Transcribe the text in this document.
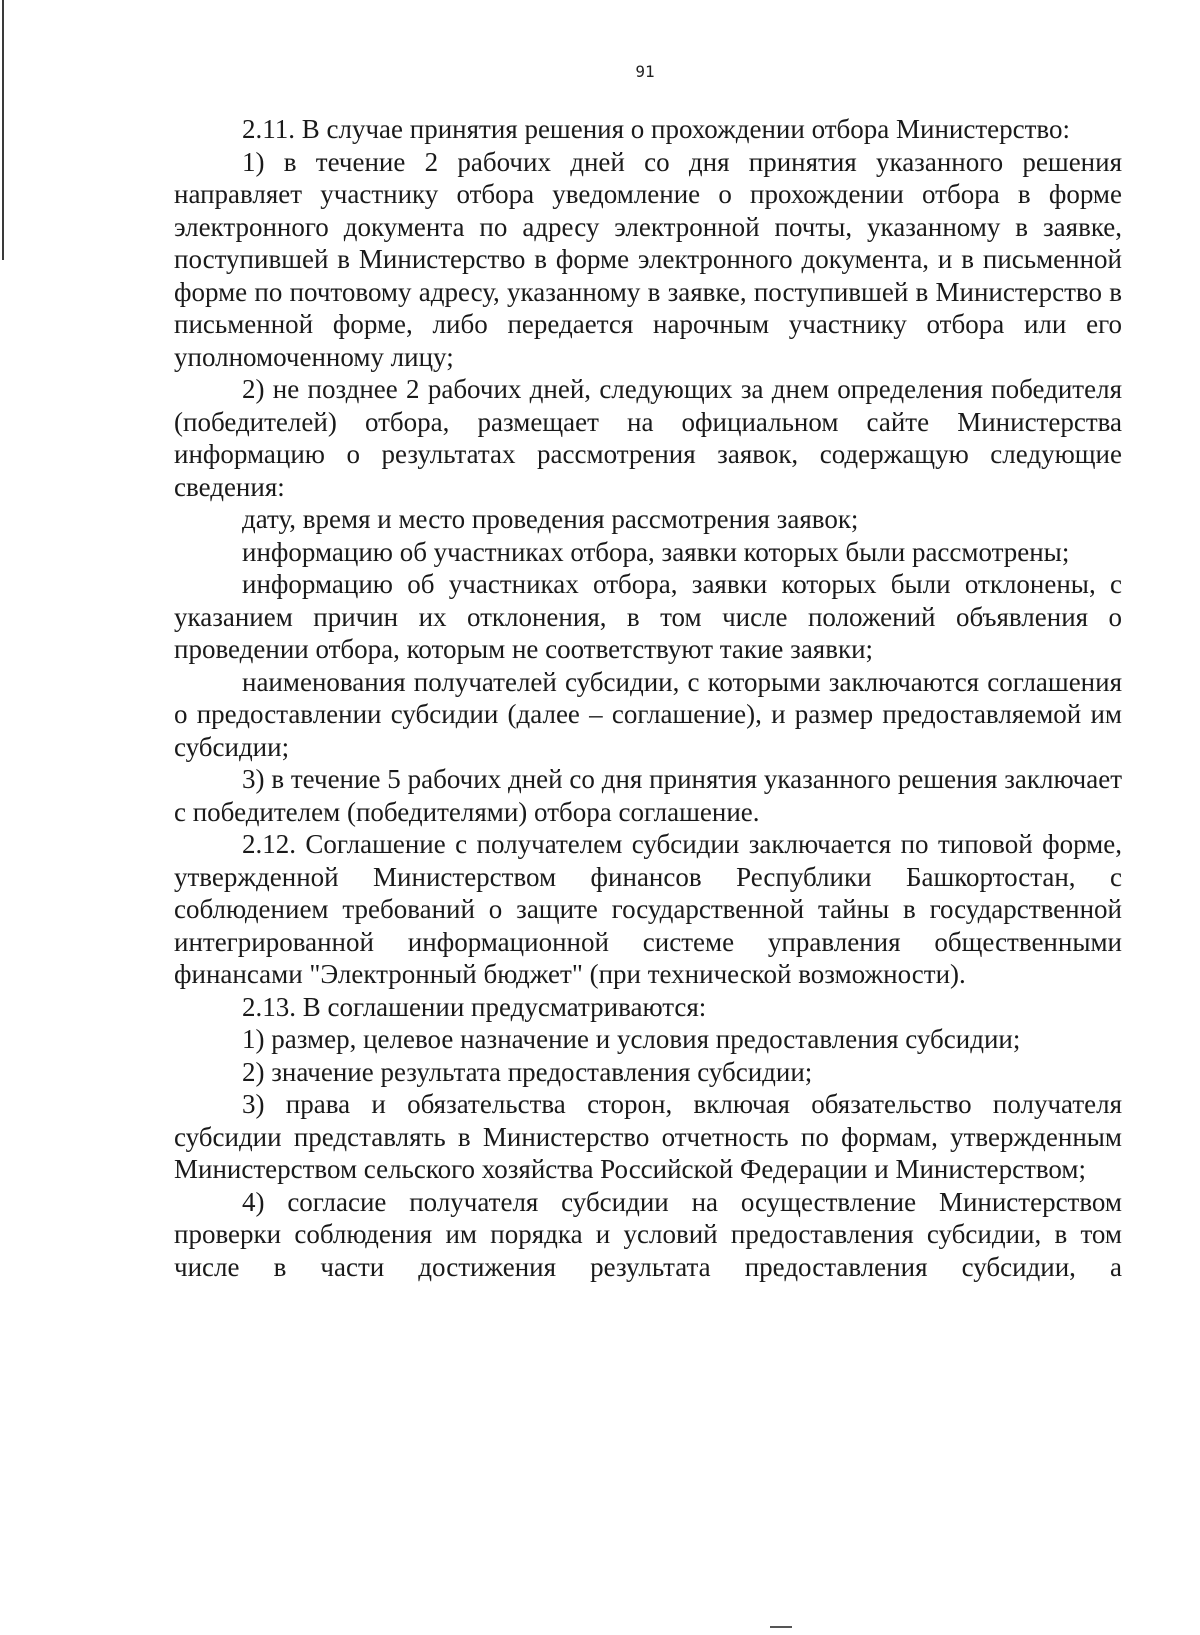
91

2.11. В случае принятия решения о прохождении отбора Министерство:

1) в течение 2 рабочих дней со дня принятия указанного решения направляет участнику отбора уведомление о прохождении отбора в форме электронного документа по адресу электронной почты, указанному в заявке, поступившей в Министерство в форме электронного документа, и в письменной форме по почтовому адресу, указанному в заявке, поступившей в Министерство в письменной форме, либо передается нарочным участнику отбора или его уполномоченному лицу;

2) не позднее 2 рабочих дней, следующих за днем определения победителя (победителей) отбора, размещает на официальном сайте Министерства информацию о результатах рассмотрения заявок, содержащую следующие сведения:

дату, время и место проведения рассмотрения заявок;

информацию об участниках отбора, заявки которых были рассмотрены;

информацию об участниках отбора, заявки которых были отклонены, с указанием причин их отклонения, в том числе положений объявления о проведении отбора, которым не соответствуют такие заявки;

наименования получателей субсидии, с которыми заключаются соглашения о предоставлении субсидии (далее – соглашение), и размер предоставляемой им субсидии;

3) в течение 5 рабочих дней со дня принятия указанного решения заключает с победителем (победителями) отбора соглашение.

2.12. Соглашение с получателем субсидии заключается по типовой форме, утвержденной Министерством финансов Республики Башкортостан, с соблюдением требований о защите государственной тайны в государственной интегрированной информационной системе управления общественными финансами "Электронный бюджет" (при технической возможности).

2.13. В соглашении предусматриваются:

1) размер, целевое назначение и условия предоставления субсидии;

2) значение результата предоставления субсидии;

3) права и обязательства сторон, включая обязательство получателя субсидии представлять в Министерство отчетность по формам, утвержденным Министерством сельского хозяйства Российской Федерации и Министерством;

4) согласие получателя субсидии на осуществление Министерством проверки соблюдения им порядка и условий предоставления субсидии, в том числе в части достижения результата предоставления субсидии, а
